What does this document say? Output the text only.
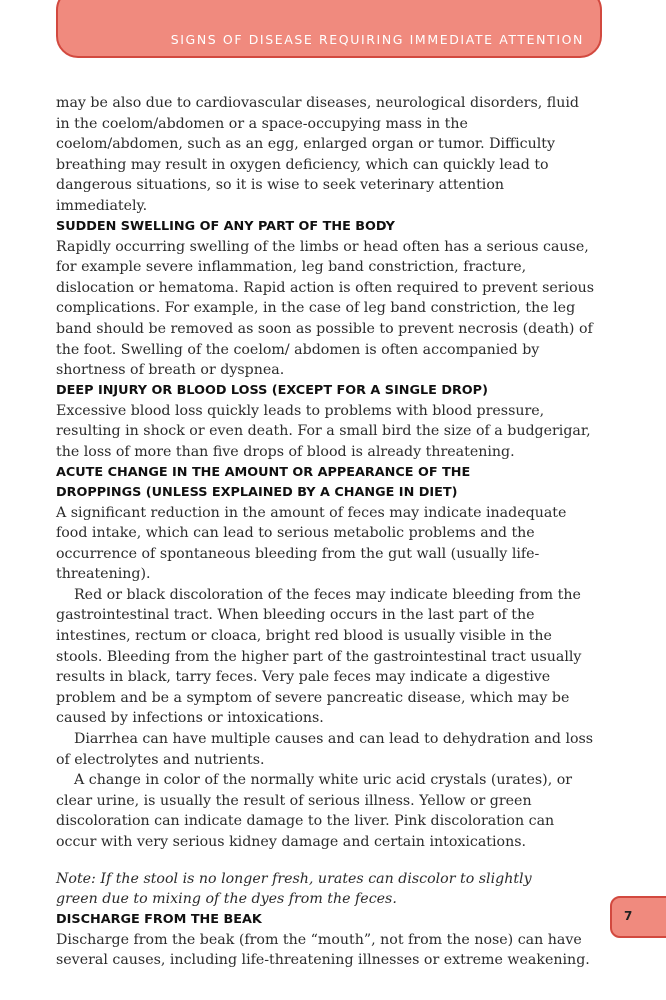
SIGNS OF DISEASE REQUIRING IMMEDIATE ATTENTION

may be also due to cardiovascular diseases, neurological disorders, fluid in the coelom/abdomen or a space-occupying mass in the coelom/abdomen, such as an egg, enlarged organ or tumor. Difficulty breathing may result in oxygen deficiency, which can quickly lead to dangerous situations, so it is wise to seek veterinary attention immediately.

SUDDEN SWELLING OF ANY PART OF THE BODY

Rapidly occurring swelling of the limbs or head often has a serious cause, for example severe inflammation, leg band constriction, fracture, dislocation or hematoma. Rapid action is often required to prevent serious complications. For example, in the case of leg band constriction, the leg band should be removed as soon as possible to prevent necrosis (death) of the foot. Swelling of the coelom/ abdomen is often accompanied by shortness of breath or dyspnea.

DEEP INJURY OR BLOOD LOSS (EXCEPT FOR A SINGLE DROP)

Excessive blood loss quickly leads to problems with blood pressure, resulting in shock or even death. For a small bird the size of a budgerigar, the loss of more than five drops of blood is already threatening.

ACUTE CHANGE IN THE AMOUNT OR APPEARANCE OF THE
DROPPINGS (UNLESS EXPLAINED BY A CHANGE IN DIET)

A significant reduction in the amount of feces may indicate inadequate food intake, which can lead to serious metabolic problems and the occurrence of spontaneous bleeding from the gut wall (usually life-threatening).

Red or black discoloration of the feces may indicate bleeding from the gastrointestinal tract. When bleeding occurs in the last part of the intestines, rectum or cloaca, bright red blood is usually visible in the stools. Bleeding from the higher part of the gastrointestinal tract usually results in black, tarry feces. Very pale feces may indicate a digestive problem and be a symptom of severe pancreatic disease, which may be caused by infections or intoxications.

Diarrhea can have multiple causes and can lead to dehydration and loss of electrolytes and nutrients.

A change in color of the normally white uric acid crystals (urates), or clear urine, is usually the result of serious illness. Yellow or green discoloration can indicate damage to the liver. Pink discoloration can occur with very serious kidney damage and certain intoxications.

Note: If the stool is no longer fresh, urates can discolor to slightly green due to mixing of the dyes from the feces.

DISCHARGE FROM THE BEAK

Discharge from the beak (from the “mouth”, not from the nose) can have several causes, including life-threatening illnesses or extreme weakening.

7
